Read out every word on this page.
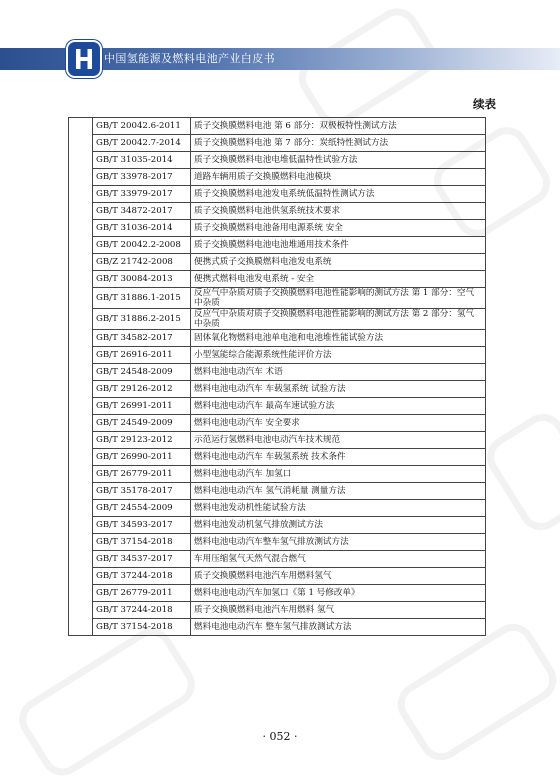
中国氢能源及燃料电池产业白皮书
续表
	GB/T 20042.6-2011	质子交换膜燃料电池 第 6 部分：双极板特性测试方法
	GB/T 20042.7-2014	质子交换膜燃料电池 第 7 部分：炭纸特性测试方法
	GB/T 31035-2014	质子交换膜燃料电池电堆低温特性试验方法
	GB/T 33978-2017	道路车辆用质子交换膜燃料电池模块
	GB/T 33979-2017	质子交换膜燃料电池发电系统低温特性测试方法
	GB/T 34872-2017	质子交换膜燃料电池供氢系统技术要求
	GB/T 31036-2014	质子交换膜燃料电池备用电源系统 安全
	GB/T 20042.2-2008	质子交换膜燃料电池电池堆通用技术条件
	GB/Z 21742-2008	便携式质子交换膜燃料电池发电系统
	GB/T 30084-2013	便携式燃料电池发电系统 - 安全
	GB/T 31886.1-2015	反应气中杂质对质子交换膜燃料电池性能影响的测试方法 第 1 部分：空气中杂质
	GB/T 31886.2-2015	反应气中杂质对质子交换膜燃料电池性能影响的测试方法 第 2 部分：氢气中杂质
	GB/T 34582-2017	固体氧化物燃料电池单电池和电池堆性能试验方法
	GB/T 26916-2011	小型氢能综合能源系统性能评价方法
	GB/T 24548-2009	燃料电池电动汽车 术语
	GB/T 29126-2012	燃料电池电动汽车 车载氢系统 试验方法
	GB/T 26991-2011	燃料电池电动汽车 最高车速试验方法
	GB/T 24549-2009	燃料电池电动汽车 安全要求
	GB/T 29123-2012	示范运行氢燃料电池电动汽车技术规范
	GB/T 26990-2011	燃料电池电动汽车 车载氢系统 技术条件
	GB/T 26779-2011	燃料电池电动汽车 加氢口
	GB/T 35178-2017	燃料电池电动汽车 氢气消耗量 测量方法
	GB/T 24554-2009	燃料电池发动机性能试验方法
	GB/T 34593-2017	燃料电池发动机氢气排放测试方法
	GB/T 37154-2018	燃料电池电动汽车整车氢气排放测试方法
	GB/T 34537-2017	车用压缩氢气天然气混合燃气
	GB/T 37244-2018	质子交换膜燃料电池汽车用燃料氢气
	GB/T 26779-2011	燃料电池电动汽车加氢口《第 1 号修改单》
	GB/T 37244-2018	质子交换膜燃料电池汽车用燃料 氢气
	GB/T 37154-2018	燃料电池电动汽车 整车氢气排放测试方法
· 052 ·
